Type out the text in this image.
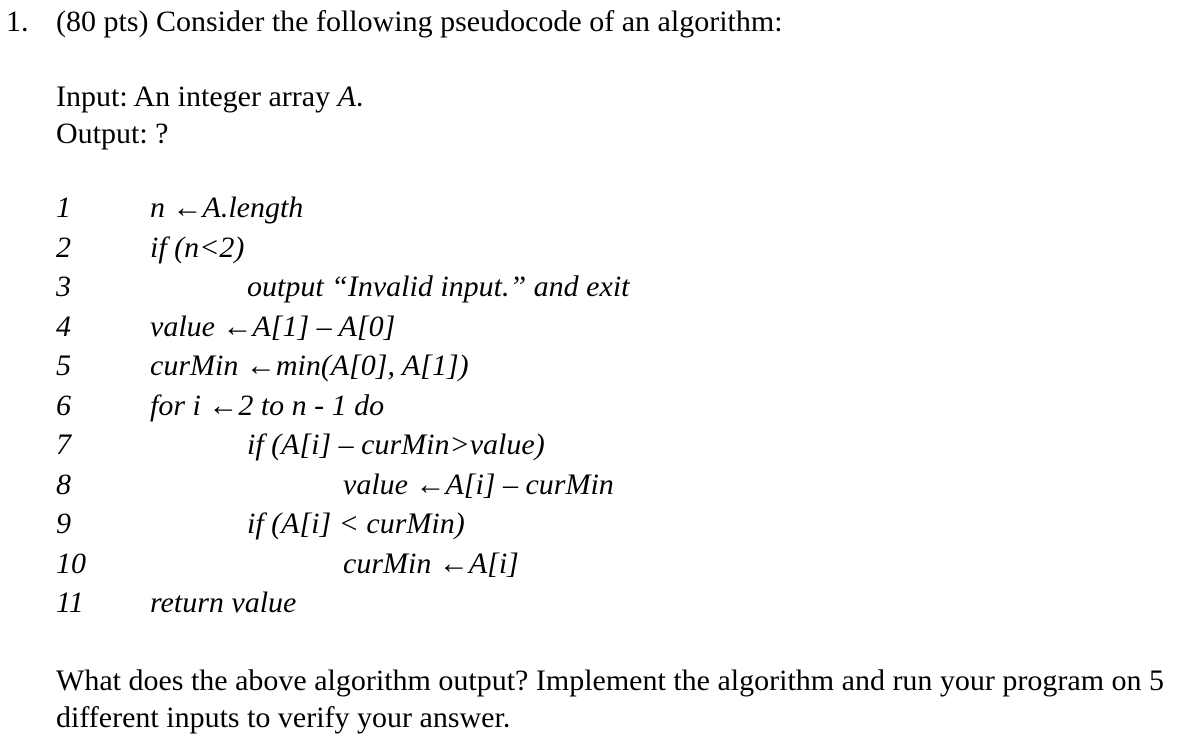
1. (80 pts) Consider the following pseudocode of an algorithm:
Input: An integer array A.
Output: ?
1	n ←A.length
2	if (n<2)
3	output “Invalid input.” and exit
4	value ←A[1] – A[0]
5	curMin ←min(A[0], A[1])
6	for i ←2 to n - 1 do
7	if (A[i] – curMin>value)
8	value ←A[i] – curMin
9	if (A[i] < curMin)
10	curMin ←A[i]
11 return value
What does the above algorithm output? Implement the algorithm and run your program on 5 different inputs to verify your answer.
